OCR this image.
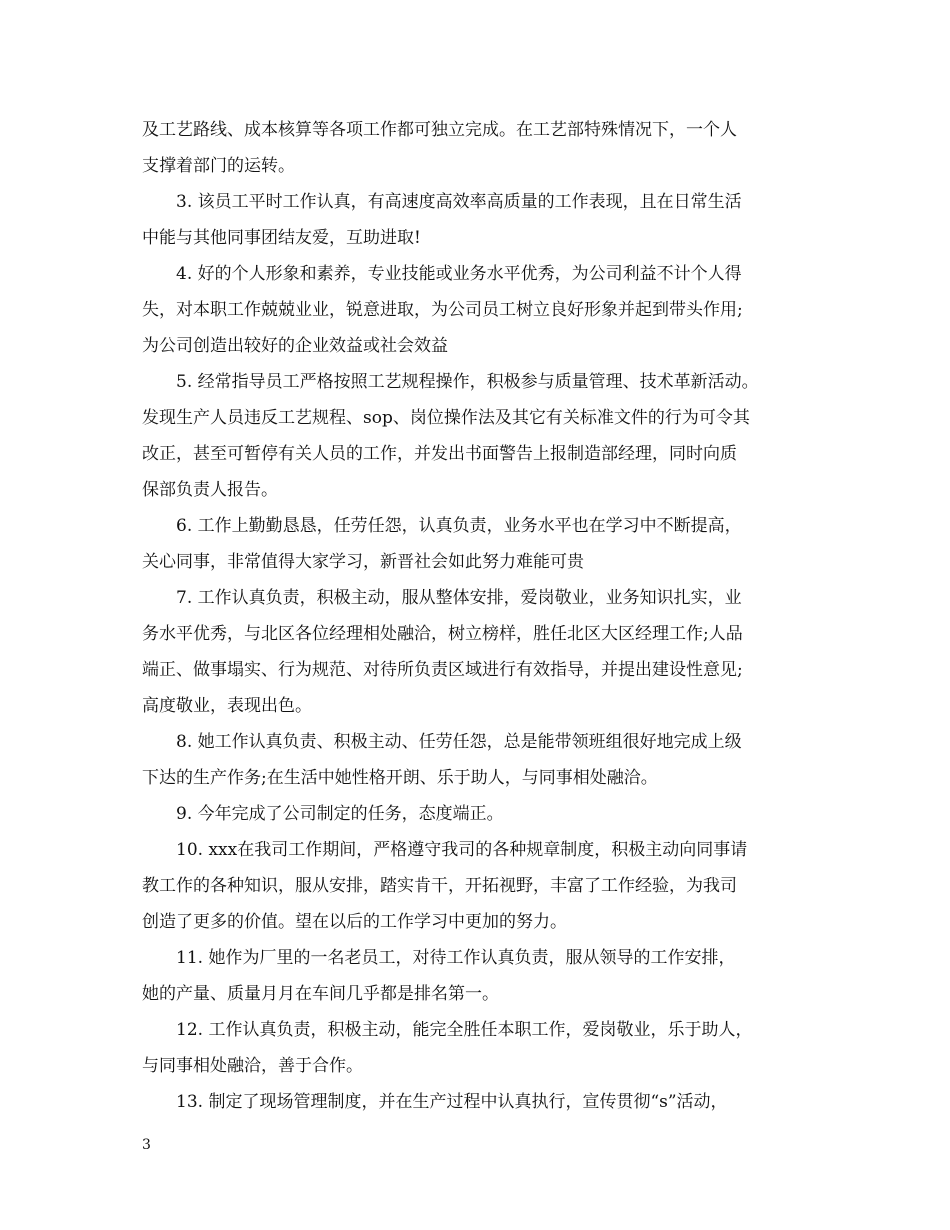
及工艺路线、成本核算等各项工作都可独立完成。在工艺部特殊情况下，一个人
支撑着部门的运转。
3. 该员工平时工作认真，有高速度高效率高质量的工作表现，且在日常生活
中能与其他同事团结友爱，互助进取!
4. 好的个人形象和素养，专业技能或业务水平优秀，为公司利益不计个人得
失，对本职工作兢兢业业，锐意进取，为公司员工树立良好形象并起到带头作用;
为公司创造出较好的企业效益或社会效益
5. 经常指导员工严格按照工艺规程操作，积极参与质量管理、技术革新活动。
发现生产人员违反工艺规程、sop、岗位操作法及其它有关标准文件的行为可令其
改正，甚至可暂停有关人员的工作，并发出书面警告上报制造部经理，同时向质
保部负责人报告。
6. 工作上勤勤恳恳，任劳任怨，认真负责，业务水平也在学习中不断提高，
关心同事，非常值得大家学习，新晋社会如此努力难能可贵
7. 工作认真负责，积极主动，服从整体安排，爱岗敬业，业务知识扎实，业
务水平优秀，与北区各位经理相处融洽，树立榜样，胜任北区大区经理工作;人品
端正、做事塌实、行为规范、对待所负责区域进行有效指导，并提出建设性意见;
高度敬业，表现出色。
8. 她工作认真负责、积极主动、任劳任怨，总是能带领班组很好地完成上级
下达的生产作务;在生活中她性格开朗、乐于助人，与同事相处融洽。
9. 今年完成了公司制定的任务，态度端正。
10. xxx在我司工作期间，严格遵守我司的各种规章制度，积极主动向同事请
教工作的各种知识，服从安排，踏实肯干，开拓视野，丰富了工作经验，为我司
创造了更多的价值。望在以后的工作学习中更加的努力。
11. 她作为厂里的一名老员工，对待工作认真负责，服从领导的工作安排，
她的产量、质量月月在车间几乎都是排名第一。
12. 工作认真负责，积极主动，能完全胜任本职工作，爱岗敬业，乐于助人，
与同事相处融洽，善于合作。
13. 制定了现场管理制度，并在生产过程中认真执行，宣传贯彻“s”活动，
3
